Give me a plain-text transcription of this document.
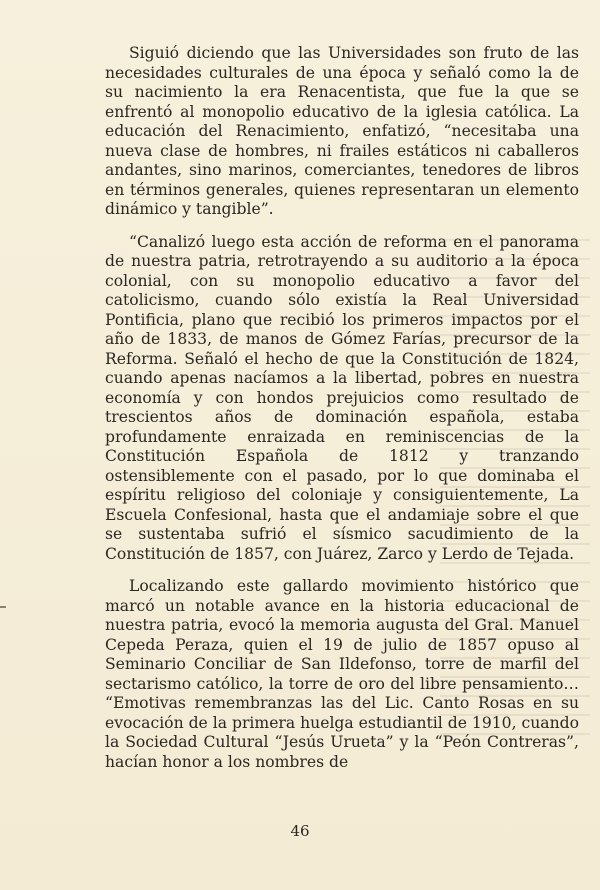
Siguió diciendo que las Universidades son fruto de las necesidades culturales de una época y señaló como la de su nacimiento la era Renacentista, que fue la que se enfrentó al monopolio educativo de la iglesia católica. La educación del Renacimiento, enfatizó, “necesitaba una nueva clase de hombres, ni frailes estáticos ni caballeros andantes, sino marinos, comerciantes, tenedores de libros en términos generales, quienes representaran un elemento dinámico y tangible”.

“Canalizó luego esta acción de reforma en el panorama de nuestra patria, retrotrayendo a su auditorio a la época colonial, con su monopolio educativo a favor del catolicismo, cuando sólo existía la Real Universidad Pontificia, plano que recibió los primeros impactos por el año de 1833, de manos de Gómez Farías, precursor de la Reforma. Señaló el hecho de que la Constitución de 1824, cuando apenas nacíamos a la libertad, pobres en nuestra economía y con hondos prejuicios como resultado de trescientos años de dominación española, estaba profundamente enraizada en reminiscencias de la Constitución Española de 1812 y tranzando ostensiblemente con el pasado, por lo que dominaba el espíritu religioso del coloniaje y consiguientemente, La Escuela Confesional, hasta que el andamiaje sobre el que se sustentaba sufrió el sísmico sacudimiento de la Constitución de 1857, con Juárez, Zarco y Lerdo de Tejada.

Localizando este gallardo movimiento histórico que marcó un notable avance en la historia educacional de nuestra patria, evocó la memoria augusta del Gral. Manuel Cepeda Peraza, quien el 19 de julio de 1857 opuso al Seminario Conciliar de San Ildefonso, torre de marfil del sectarismo católico, la torre de oro del libre pensamiento… “Emotivas remembranzas las del Lic. Canto Rosas en su evocación de la primera huelga estudiantil de 1910, cuando la Sociedad Cultural “Jesús Urueta” y la “Peón Contreras”, hacían honor a los nombres de

46
